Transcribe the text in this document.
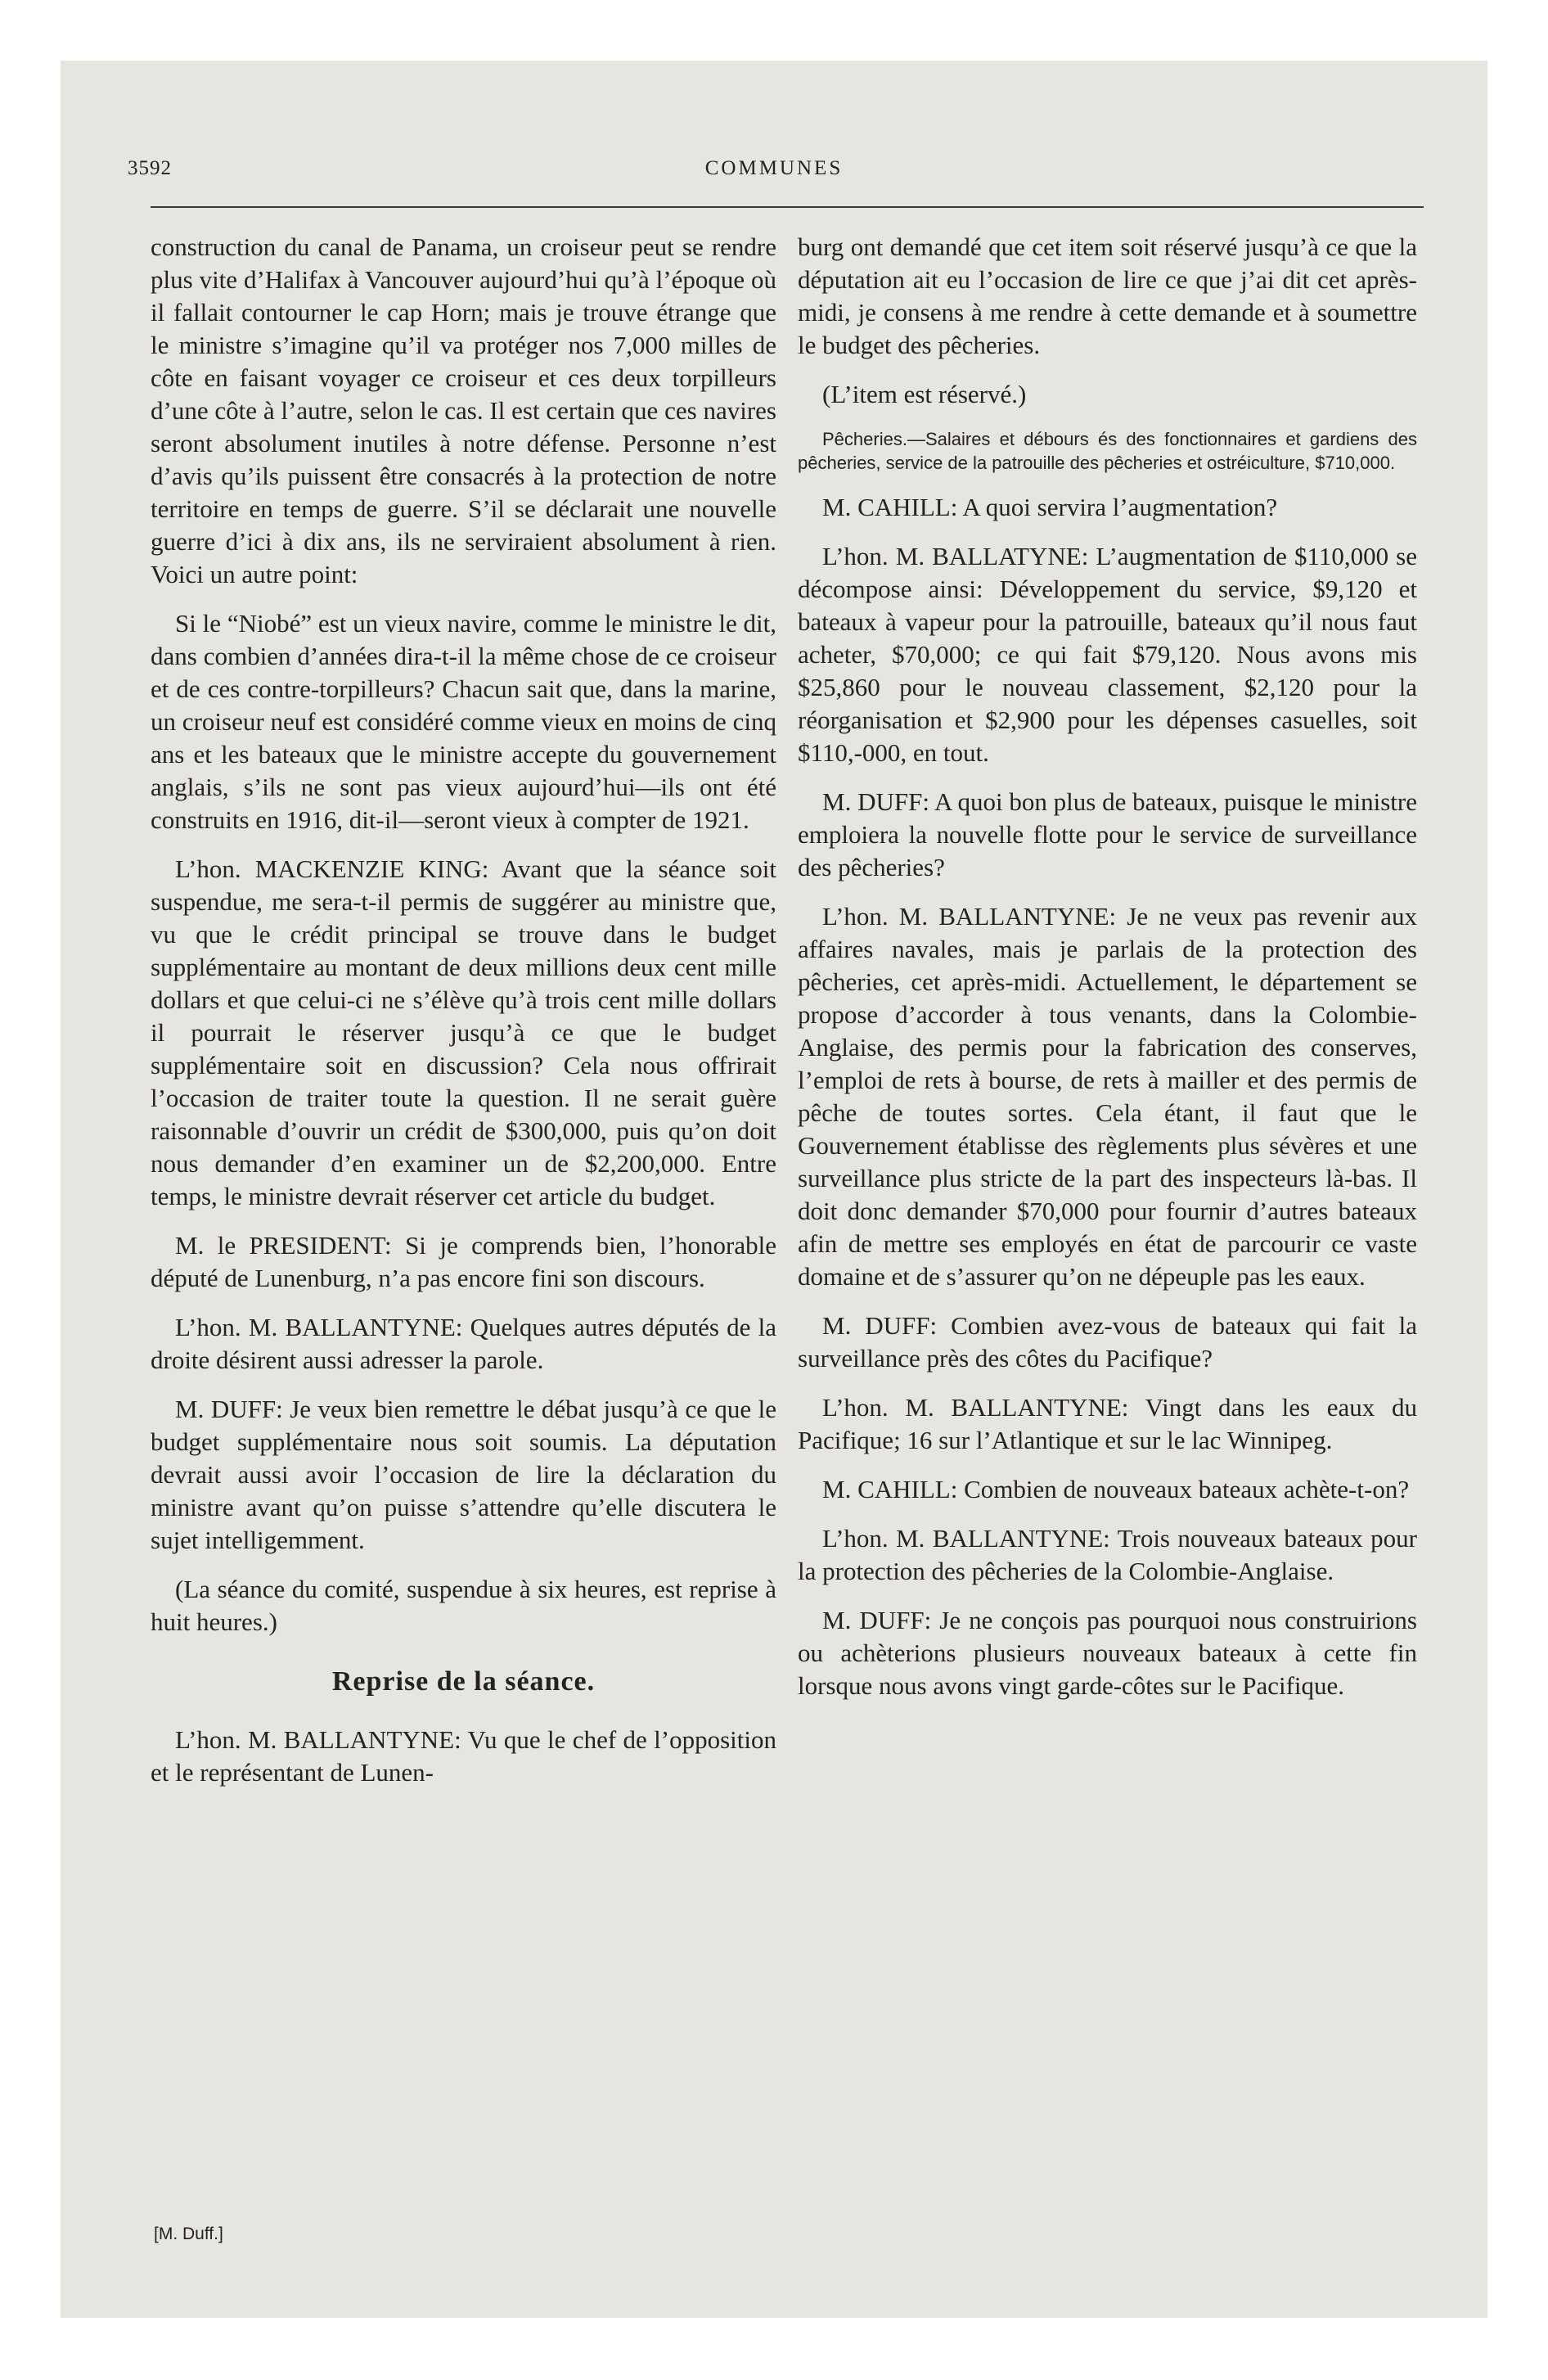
3592	COMMUNES

construction du canal de Panama, un croiseur peut se rendre plus vite d’Halifax à Vancouver aujourd’hui qu’à l’époque où il fallait contourner le cap Horn; mais je trouve étrange que le ministre s’imagine qu’il va protéger nos 7,000 milles de côte en faisant voyager ce croiseur et ces deux torpilleurs d’une côte à l’autre, selon le cas. Il est certain que ces navires seront absolument inutiles à notre défense. Personne n’est d’avis qu’ils puissent être consacrés à la protection de notre territoire en temps de guerre. S’il se déclarait une nouvelle guerre d’ici à dix ans, ils ne serviraient absolument à rien. Voici un autre point:

Si le “Niobé” est un vieux navire, comme le ministre le dit, dans combien d’années dira-t-il la même chose de ce croiseur et de ces contre-torpilleurs? Chacun sait que, dans la marine, un croiseur neuf est considéré comme vieux en moins de cinq ans et les bateaux que le ministre accepte du gouvernement anglais, s’ils ne sont pas vieux aujourd’hui—ils ont été construits en 1916, dit-il—seront vieux à compter de 1921.

L’hon. MACKENZIE KING: Avant que la séance soit suspendue, me sera-t-il permis de suggérer au ministre que, vu que le crédit principal se trouve dans le budget supplémentaire au montant de deux millions deux cent mille dollars et que celui-ci ne s’élève qu’à trois cent mille dollars il pourrait le réserver jusqu’à ce que le budget supplémentaire soit en discussion? Cela nous offrirait l’occasion de traiter toute la question. Il ne serait guère raisonnable d’ouvrir un crédit de $300,000, puis qu’on doit nous demander d’en examiner un de $2,200,000. Entre temps, le ministre devrait réserver cet article du budget.

M. le PRESIDENT: Si je comprends bien, l’honorable député de Lunenburg, n’a pas encore fini son discours.

L’hon. M. BALLANTYNE: Quelques autres députés de la droite désirent aussi adresser la parole.

M. DUFF: Je veux bien remettre le débat jusqu’à ce que le budget supplémentaire nous soit soumis. La députation devrait aussi avoir l’occasion de lire la déclaration du ministre avant qu’on puisse s’attendre qu’elle discutera le sujet intelligemment.

(La séance du comité, suspendue à six heures, est reprise à huit heures.)

Reprise de la séance.

L’hon. M. BALLANTYNE: Vu que le chef de l’opposition et le représentant de Lunen-

burg ont demandé que cet item soit réservé jusqu’à ce que la députation ait eu l’occasion de lire ce que j’ai dit cet après-midi, je consens à me rendre à cette demande et à soumettre le budget des pêcheries.

(L’item est réservé.)

Pêcheries.—Salaires et débours és des fonctionnaires et gardiens des pêcheries, service de la patrouille des pêcheries et ostréiculture, $710,000.

M. CAHILL: A quoi servira l’augmentation?

L’hon. M. BALLATYNE: L’augmentation de $110,000 se décompose ainsi: Développement du service, $9,120 et bateaux à vapeur pour la patrouille, bateaux qu’il nous faut acheter, $70,000; ce qui fait $79,120. Nous avons mis $25,860 pour le nouveau classement, $2,120 pour la réorganisation et $2,900 pour les dépenses casuelles, soit $110,-000, en tout.

M. DUFF: A quoi bon plus de bateaux, puisque le ministre emploiera la nouvelle flotte pour le service de surveillance des pêcheries?

L’hon. M. BALLANTYNE: Je ne veux pas revenir aux affaires navales, mais je parlais de la protection des pêcheries, cet après-midi. Actuellement, le département se propose d’accorder à tous venants, dans la Colombie-Anglaise, des permis pour la fabrication des conserves, l’emploi de rets à bourse, de rets à mailler et des permis de pêche de toutes sortes. Cela étant, il faut que le Gouvernement établisse des règlements plus sévères et une surveillance plus stricte de la part des inspecteurs là-bas. Il doit donc demander $70,000 pour fournir d’autres bateaux afin de mettre ses employés en état de parcourir ce vaste domaine et de s’assurer qu’on ne dépeuple pas les eaux.

M. DUFF: Combien avez-vous de bateaux qui fait la surveillance près des côtes du Pacifique?

L’hon. M. BALLANTYNE: Vingt dans les eaux du Pacifique; 16 sur l’Atlantique et sur le lac Winnipeg.

M. CAHILL: Combien de nouveaux bateaux achète-t-on?

L’hon. M. BALLANTYNE: Trois nouveaux bateaux pour la protection des pêcheries de la Colombie-Anglaise.

M. DUFF: Je ne conçois pas pourquoi nous construirions ou achèterions plusieurs nouveaux bateaux à cette fin lorsque nous avons vingt garde-côtes sur le Pacifique.

[M. Duff.]
